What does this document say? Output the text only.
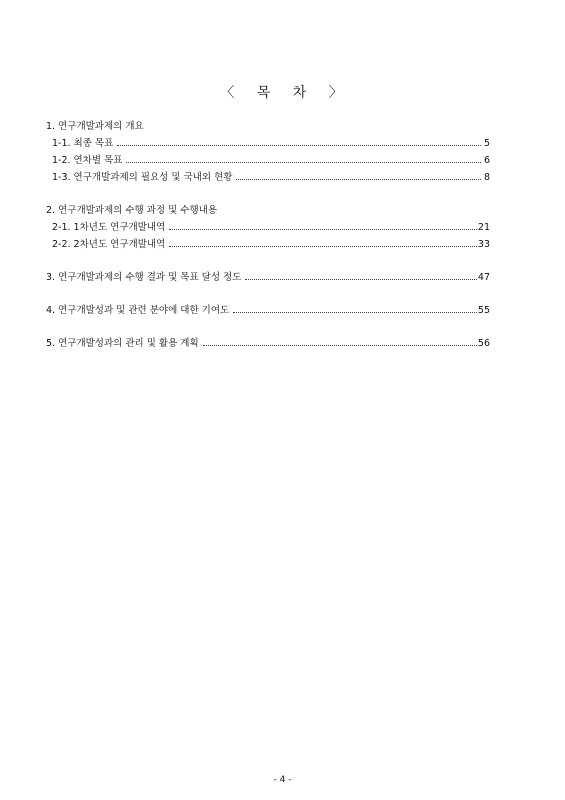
〈 목 차 〉
1. 연구개발과제의 개요
1-1. 최종 목표	5
1-2. 연차별 목표	6
1-3. 연구개발과제의 필요성 및 국내외 현황	8
2. 연구개발과제의 수행 과정 및 수행내용
2-1. 1차년도 연구개발내역	21
2-2. 2차년도 연구개발내역	33
3. 연구개발과제의 수행 결과 및 목표 달성 정도	47
4. 연구개발성과 및 관련 분야에 대한 기여도	55
5. 연구개발성과의 관리 및 활용 계획	56
- 4 -
